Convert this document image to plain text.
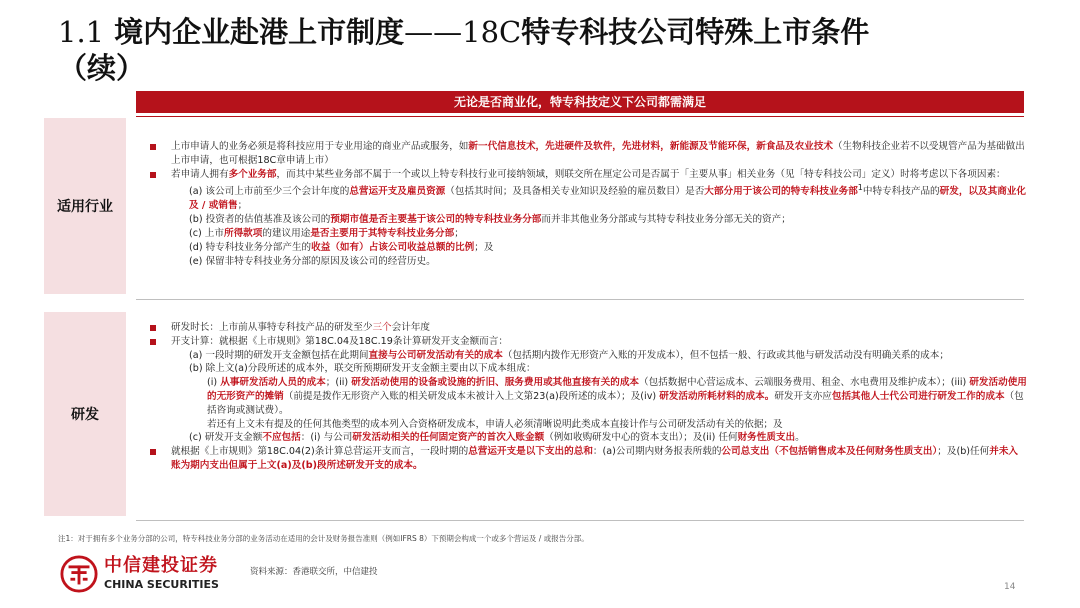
1.1 境内企业赴港上市制度——18C特专科技公司特殊上市条件
（续）
无论是否商业化，特专科技定义下公司都需满足
适用行业
研发
上市申请人的业务必须是将科技应用于专业用途的商业产品或服务，如新一代信息技术，先进硬件及软件，先进材料，新能源及节能环保，新食品及农业技术（生物科技企业若不以受规管产品为基础做出上市申请，也可根据18C章申请上市）
若申请人拥有多个业务部，而其中某些业务部不属于一个或以上特专科技行业可接纳领域，则联交所在厘定公司是否属于「主要从事」相关业务（见「特专科技公司」定义）时将考虑以下各项因素：
(a) 该公司上市前至少三个会计年度的总营运开支及雇员资源（包括其时间；及具备相关专业知识及经验的雇员数目）是否大部分用于该公司的特专科技业务部$^1$中特专科技产品的研发，以及其商业化及 / 或销售；
(b) 投资者的估值基准及该公司的预期市值是否主要基于该公司的特专科技业务分部而并非其他业务分部或与其特专科技业务分部无关的资产；
(c) 上市所得款项的建议用途是否主要用于其特专科技业务分部；
(d) 特专科技业务分部产生的收益（如有）占该公司收益总额的比例；及
(e) 保留非特专科技业务分部的原因及该公司的经营历史。
研发时长：上市前从事特专科技产品的研发至少三个会计年度
开支计算：就根据《上市规则》第18C.04及18C.19条计算研发开支金额而言：
(a) 一段时期的研发开支金额包括在此期间直接与公司研发活动有关的成本（包括期内拨作无形资产入账的开发成本），但不包括一般、行政或其他与研发活动没有明确关系的成本；
(b) 除上文(a)分段所述的成本外，联交所预期研发开支金额主要由以下成本组成：
(i) 从事研发活动人员的成本；(ii) 研发活动使用的设备或设施的折旧、服务费用或其他直接有关的成本（包括数据中心营运成本、云端服务费用、租金、水电费用及维护成本）；(iii) 研发活动使用的无形资产的摊销（前提是拨作无形资产入账的相关研发成本未被计入上文第23(a)段所述的成本）；及(iv) 研发活动所耗材料的成本。研发开支亦应包括其他人士代公司进行研发工作的成本（包括咨询或测试费）。
若还有上文未有提及的任何其他类型的成本列入合资格研发成本，申请人必须清晰说明此类成本直接计作与公司研发活动有关的依据；及
(c) 研发开支金额不应包括：(i) 与公司研发活动相关的任何固定资产的首次入账金额（例如收购研发中心的资本支出）；及(ii) 任何财务性质支出。
就根据《上市规则》第18C.04(2)条计算总营运开支而言，一段时期的总营运开支是以下支出的总和：(a)公司期内财务报表所载的公司总支出（不包括销售成本及任何财务性质支出）；及(b)任何并未入账为期内支出但属于上文(a)及(b)段所述研发开支的成本。
注1：对于拥有多个业务分部的公司，特专科技业务分部的业务活动在适用的会计及财务报告准则（例如IFRS 8）下预期会构成一个或多个营运及 / 或报告分部。
中信建投证券
CHINA SECURITIES
资料来源：香港联交所，中信建投
14
